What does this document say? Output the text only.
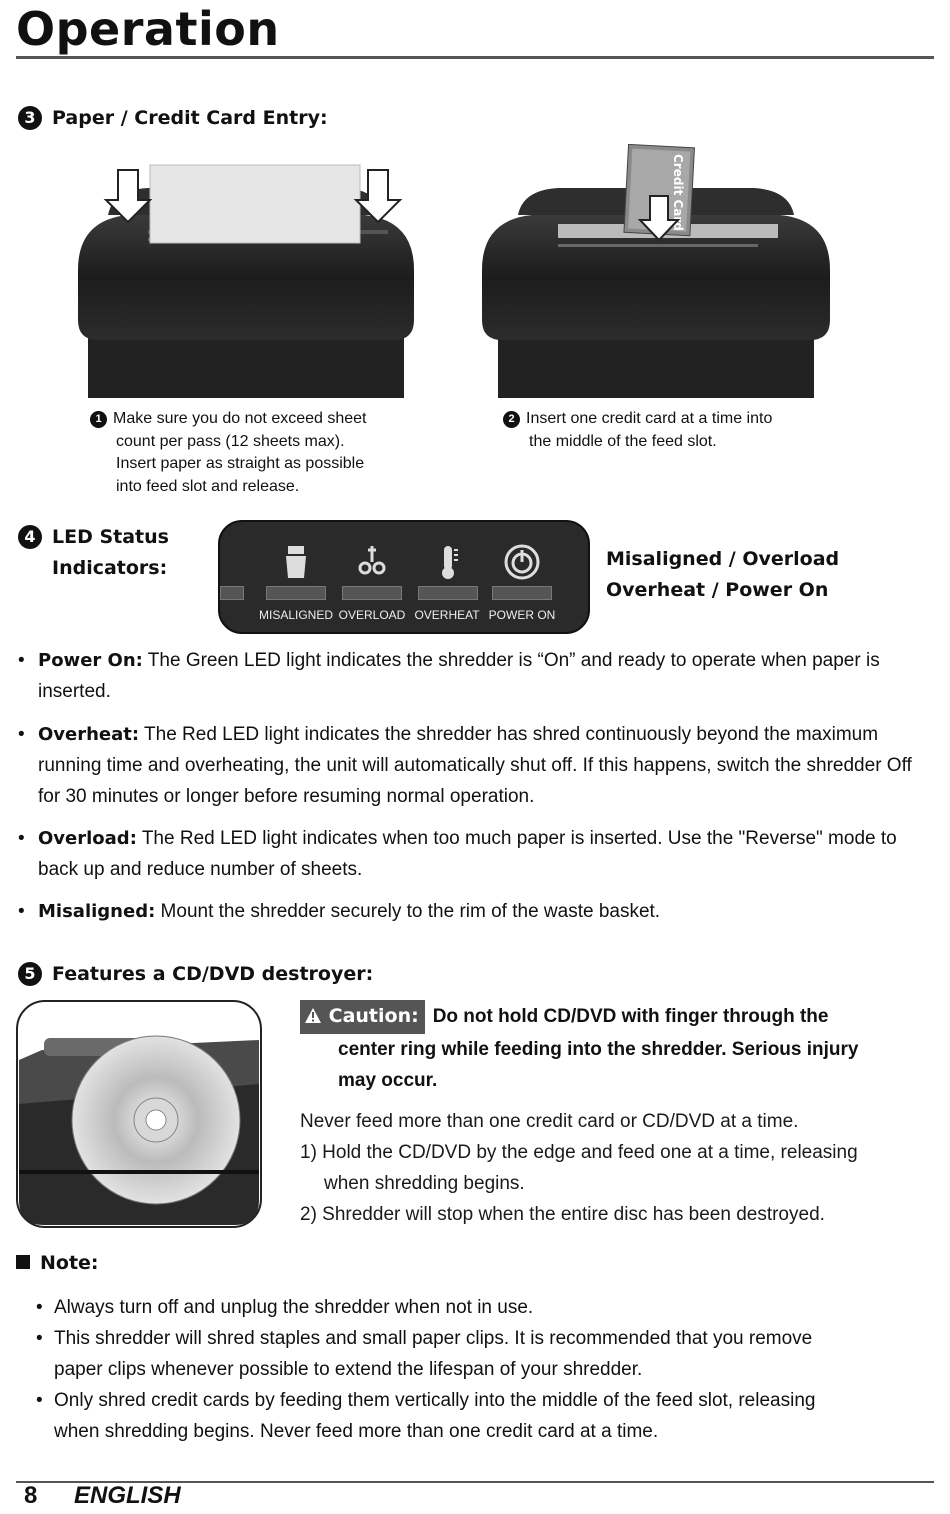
Operation
3 Paper / Credit Card Entry:
Credit Card
1 Make sure you do not exceed sheet
count per pass (12 sheets max).
Insert paper as straight as possible
into feed slot and release.
2 Insert one credit card at a time into
the middle of the feed slot.
4 LED Status
Indicators:
MISALIGNED OVERLOAD OVERHEAT POWER ON
Misaligned / Overload
Overheat / Power On
• Power On: The Green LED light indicates the shredder is “On” and ready to operate when paper is inserted.
• Overheat: The Red LED light indicates the shredder has shred continuously beyond the maximum running time and overheating, the unit will automatically shut off. If this happens, switch the shredder Off for 30 minutes or longer before resuming normal operation.
• Overload: The Red LED light indicates when too much paper is inserted. Use the "Reverse" mode to back up and reduce number of sheets.
• Misaligned: Mount the shredder securely to the rim of the waste basket.
5 Features a CD/DVD destroyer:
Caution: Do not hold CD/DVD with finger through the
center ring while feeding into the shredder. Serious injury
may occur.
Never feed more than one credit card or CD/DVD at a time.
1) Hold the CD/DVD by the edge and feed one at a time, releasing
when shredding begins.
2) Shredder will stop when the entire disc has been destroyed.
Note:
• Always turn off and unplug the shredder when not in use.
• This shredder will shred staples and small paper clips. It is recommended that you remove
paper clips whenever possible to extend the lifespan of your shredder.
• Only shred credit cards by feeding them vertically into the middle of the feed slot, releasing
when shredding begins. Never feed more than one credit card at a time.
8 ENGLISH
